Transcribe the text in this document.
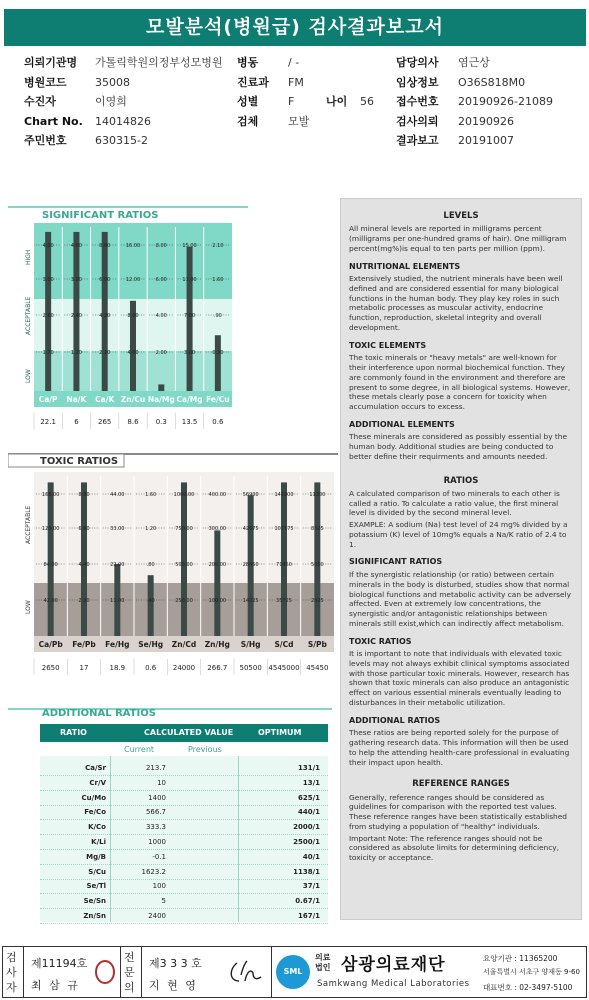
모발분석(병원급) 검사결과보고서
의뢰기관명 가톨릭학원의정부성모병원 병동	/ -	담당의사 염근상
병원코드	35008	진료과 FM	임상정보 O36S818M0
수진자	이영희	성별	F	나이 56 접수번호 20190926-21089
Chart No. 14014826	검체	모발	검사의뢰 20190926
주민번호	630315-2	결과보고 20191007
SIGNIFICANT RATIOS
HIGH
ACCEPTABLE
LOW
4.00
3.00
2.60
1.70
4.00
3.00
2.40
1.20
8.00
6.00
4.20
2.20
16.00
12.00
8.00
4.00
8.00
6.00
4.00
2.00
15.00
11.00
7.00
3.00
2.10
1.60
.90
0.30
Ca/P Na/K Ca/K Zn/Cu Na/Mg Ca/Mg Fe/Cu
22.1	6	265 8.6 0.3 13.5 0.6
TOXIC RATIOS
ACCEPTABLE
LOW
168.00
126.00
84.00
42.00
8.80
6.60
4.40
2.20
44.00
33.00
22.00
11.00
1.60
1.20
.80
.40
1000.00
750.00
500.00
250.00
400.00
300.00
200.00
100.00
56900
42675
28450
14225
142900
107175
71450
35725
11300
8525
5650
2825
Ca/Pb Fe/Pb Fe/Hg Se/Hg Zn/Cd Zn/Hg S/Hg S/Cd S/Pb
2650	17	18.9	0.6 24000 266.7 50500 4545000 45450
ADDITIONAL RATIOS
RATIO	CALCULATED VALUE	OPTIMUM
Current	Previous
Ca/Sr	213.7	131/1
Cr/V	10	13/1
Cu/Mo	1400	625/1
Fe/Co	566.7	440/1
K/Co	333.3	2000/1
K/Li	1000	2500/1
Mg/B	-0.1	40/1
S/Cu	1623.2	1138/1
Se/Tl	100	37/1
Se/Sn	5	0.67/1
Zn/Sn	2400	167/1
LEVELS

All mineral levels are reported in milligrams percent (milligrams per one-hundred grams of hair). One milligram percent(mg%)is equal to ten parts per million (ppm).

NUTRITIONAL ELEMENTS

Extensively studied, the nutrient minerals have been well defined and are considered essential for many biological functions in the human body. They play key roles in such metabolic processes as muscular activity, endocrine function, reproduction, skeletal integrity and overall development.

TOXIC ELEMENTS

The toxic minerals or "heavy metals" are well-known for their interference upon normal biochemical function. They are commonly found in the environment and therefore are present to some degree, in all biological systems. However, these metals clearly pose a concern for toxicity when accumulation occurs to excess.

ADDITIONAL ELEMENTS

These minerals are considered as possibly essential by the human body. Additional studies are being conducted to better define their requirments and amounts needed.

RATIOS

A calculated comparison of two minerals to each other is called a ratio. To calculate a ratio value, the first mineral level is divided by the second mineral level.

EXAMPLE: A sodium (Na) test level of 24 mg% divided by a potassium (K) level of 10mg% equals a Na/K ratio of 2.4 to 1.

SIGNIFICANT RATIOS

If the synergistic relationship (or ratio) between certain minerals in the body is disturbed, studies show that normal biological functions and metabolic activity can be adversely affected. Even at extremely low concentrations, the synergistic and/or antagonistic relationships between minerals still exist,which can indirectly affect metabolism.

TOXIC RATIOS

It is important to note that individuals with elevated toxic levels may not always exhibit clinical symptoms associated with those particular toxic minerals. However, research has shown that toxic minerals can also produce an antagonistic effect on various essential minerals eventually leading to disturbances in their metabolic utilization.

ADDITIONAL RATIOS

These ratios are being reported solely for the purpose of gathering research data. This information will then be used to help the attending health-care professional in evaluating their impact upon health.

REFERENCE RANGES

Generally, reference ranges should be considered as guidelines for comparison with the reported test values. These reference ranges have been statistically established from studying a population of "healthy" individuals.

Important Note: The reference ranges should not be considered as absolute limits for determining deficiency, toxicity or acceptance.

검사자
제11194호
최 삼 규
전문의
제3 3 3 호
지 현 영
SML
의료법인 삼광의료재단
Samkwang Medical Laboratories
요양기관 : 11365200
서울특별시 서초구 양재동 9-60
대표번호 : 02-3497-5100
